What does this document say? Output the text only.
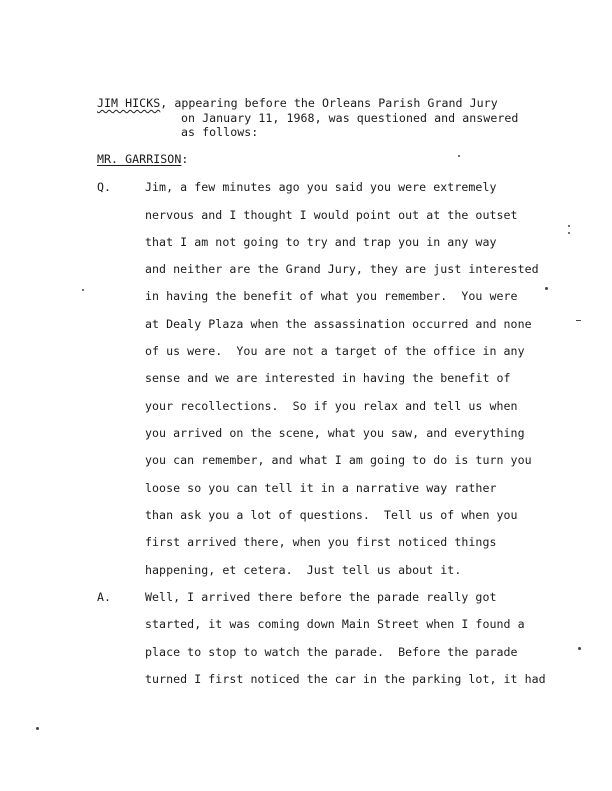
JIM HICKS, appearing before the Orleans Parish Grand Jury
on January 11, 1968, was questioned and answered
as follows:
MR. GARRISON:
Q.	Jim, a few minutes ago you said you were extremely
nervous and I thought I would point out at the outset
that I am not going to try and trap you in any way
and neither are the Grand Jury, they are just interested
in having the benefit of what you remember.  You were
at Dealy Plaza when the assassination occurred and none
of us were.  You are not a target of the office in any
sense and we are interested in having the benefit of
your recollections.  So if you relax and tell us when
you arrived on the scene, what you saw, and everything
you can remember, and what I am going to do is turn you
loose so you can tell it in a narrative way rather
than ask you a lot of questions.  Tell us of when you
first arrived there, when you first noticed things
happening, et cetera.  Just tell us about it.
A.	Well, I arrived there before the parade really got
started, it was coming down Main Street when I found a
place to stop to watch the parade.  Before the parade
turned I first noticed the car in the parking lot, it had
